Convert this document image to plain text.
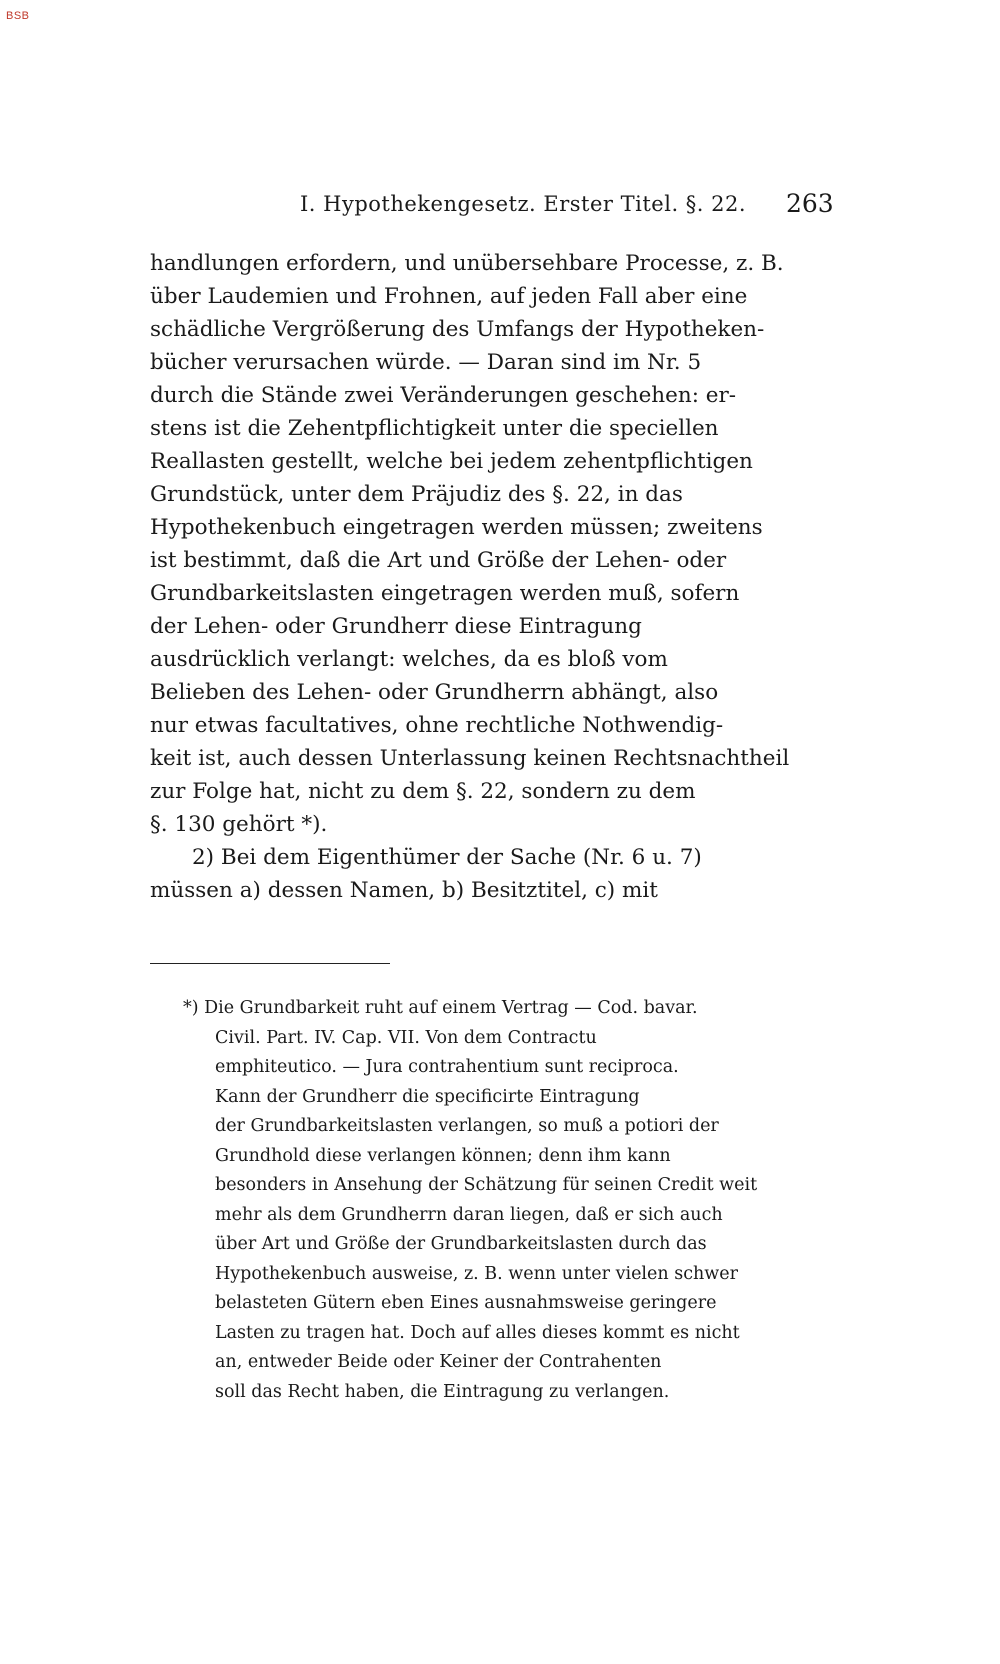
BSB
I. Hypothekengesetz. Erster Titel. §. 22. 263
handlungen erfordern, und unübersehbare Processe, z. B.
über Laudemien und Frohnen, auf jeden Fall aber eine
schädliche Vergrößerung des Umfangs der Hypotheken-
bücher verursachen würde. — Daran sind im Nr. 5
durch die Stände zwei Veränderungen geschehen: er-
stens ist die Zehentpflichtigkeit unter die speciellen
Reallasten gestellt, welche bei jedem zehentpflichtigen
Grundstück, unter dem Präjudiz des §. 22, in das
Hypothekenbuch eingetragen werden müssen; zweitens
ist bestimmt, daß die Art und Größe der Lehen- oder
Grundbarkeitslasten eingetragen werden muß, sofern
der Lehen- oder Grundherr diese Eintragung
ausdrücklich verlangt: welches, da es bloß vom
Belieben des Lehen- oder Grundherrn abhängt, also
nur etwas facultatives, ohne rechtliche Nothwendig-
keit ist, auch dessen Unterlassung keinen Rechtsnachtheil
zur Folge hat, nicht zu dem §. 22, sondern zu dem
§. 130 gehört *).
2) Bei dem Eigenthümer der Sache (Nr. 6 u. 7)
müssen a) dessen Namen, b) Besitztitel, c) mit
*) Die Grundbarkeit ruht auf einem Vertrag — Cod. bavar.
Civil. Part. IV. Cap. VII. Von dem Contractu
emphiteutico. — Jura contrahentium sunt reciproca.
Kann der Grundherr die specificirte Eintragung
der Grundbarkeitslasten verlangen, so muß a potiori der
Grundhold diese verlangen können; denn ihm kann
besonders in Ansehung der Schätzung für seinen Credit weit
mehr als dem Grundherrn daran liegen, daß er sich auch
über Art und Größe der Grundbarkeitslasten durch das
Hypothekenbuch ausweise, z. B. wenn unter vielen schwer
belasteten Gütern eben Eines ausnahmsweise geringere
Lasten zu tragen hat. Doch auf alles dieses kommt es nicht
an, entweder Beide oder Keiner der Contrahenten
soll das Recht haben, die Eintragung zu verlangen.
